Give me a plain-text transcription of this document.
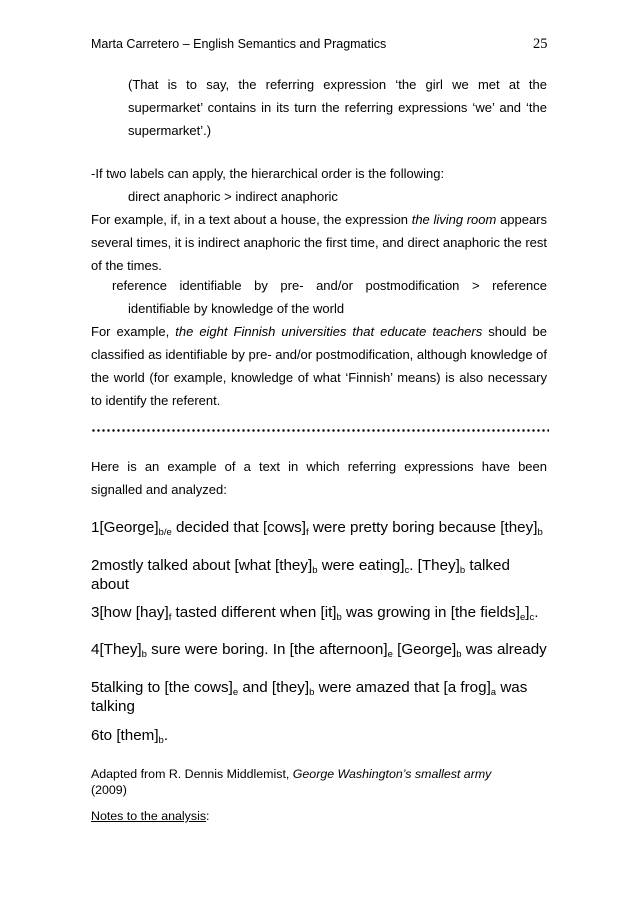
Marta Carretero – English Semantics and Pragmatics	25
(That is to say, the referring expression ‘the girl we met at the
supermarket’ contains in its turn the referring expressions ‘we’ and ‘the
supermarket’.)
-If two labels can apply, the hierarchical order is the following:
direct anaphoric > indirect anaphoric
For example, if, in a text about a house, the expression the living room appears several times, it is indirect anaphoric the first time, and direct anaphoric the rest of the times.
reference identifiable by pre- and/or postmodification > reference
identifiable by knowledge of the world
For example, the eight Finnish universities that educate teachers should be classified as identifiable by pre- and/or postmodification, although knowledge of the world (for example, knowledge of what ‘Finnish’ means) is also necessary to identify the referent.
Here is an example of a text in which referring expressions have been signalled and analyzed:
$1[George]_{b/e}$ decided that $[cows]_f$ were pretty boring because $[they]_b$
2mostly talked about [what $[they]_b$ were $eating]_c$. $[They]_b$ talked about
3[how $[hay]_f$ tasted different when $[it]_b$ was growing in [the $fields]_e]_c$.
$4[They]_b$ sure were boring. In [the $afternoon]_e$ $[George]_b$ was already
5talking to [the $cows]_e$ and $[they]_b$ were amazed that [a $frog]_a$ was talking
6to $[them]_b$.
Adapted from R. Dennis Middlemist, George Washington’s smallest army
(2009)
Notes to the analysis:
